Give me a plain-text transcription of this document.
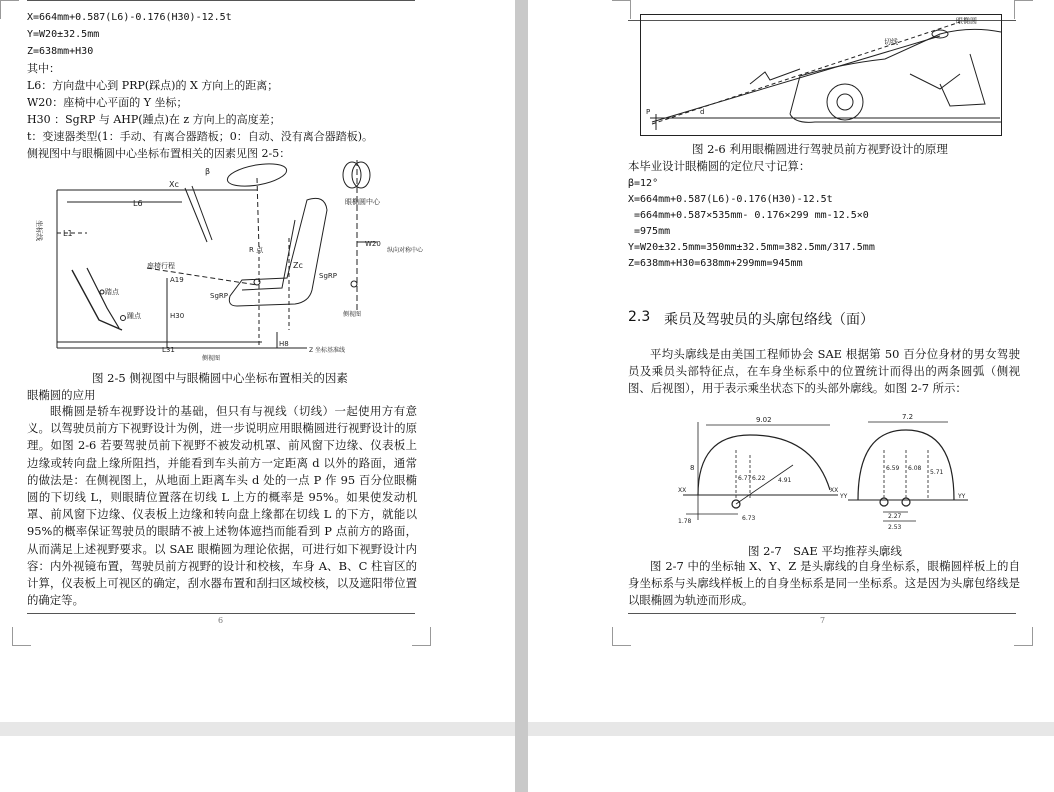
X=664mm+0.587(L6)-0.176(H30)-12.5t
Y=W20±32.5mm
Z=638mm+H30
其中：
L6：方向盘中心到 PRP(踩点)的 X 方向上的距离；
W20：座椅中心平面的 Y 坐标；
H30 ：SgRP 与 AHP(踵点)在 z 方向上的高度差；
t：变速器类型(1：手动、有离合器踏板；0：自动、没有离合器踏板)。
侧视图中与眼椭圆中心坐标布置相关的因素见图 2-5：
β
Xc
L6
L1
坐标线
眼椭圆中心
R 点
Zc
W20
座椅行程
A19
SgRP
SgRP
踏点
踵点	H30
L31
H8
Z 坐标基准线
侧视图
侧视图
纵向对称中心
图 2-5 侧视图中与眼椭圆中心坐标布置相关的因素
眼椭圆的应用
眼椭圆是轿车视野设计的基础，但只有与视线（切线）一起使用方有意义。以驾驶员前方下视野设计为例，进一步说明应用眼椭圆进行视野设计的原理。如图 2-6 若要驾驶员前下视野不被发动机罩、前风窗下边缘、仪表板上边缘或转向盘上缘所阻挡，并能看到车头前方一定距离 d 以外的路面，通常的做法是：在侧视图上，从地面上距离车头 d 处的一点 P 作 95 百分位眼椭圆的下切线 L，则眼睛位置落在切线 L 上方的概率是 95%。如果使发动机罩、前风窗下边缘、仪表板上边缘和转向盘上缘都在切线 L 的下方，就能以 95%的概率保证驾驶员的眼睛不被上述物体遮挡而能看到 P 点前方的路面，从而满足上述视野要求。以 SAE 眼椭圆为理论依据，可进行如下视野设计内容：内外视镜布置，驾驶员前方视野的设计和校核，车身 A、B、C 柱盲区的计算，仪表板上可视区的确定，刮水器布置和刮扫区域校核，以及遮阳带位置的确定等。
6
眼椭圆
切线
P	d
图 2-6 利用眼椭圆进行驾驶员前方视野设计的原理
本毕业设计眼椭圆的定位尺寸记算：
β=12°
X=664mm+0.587(L6)-0.176(H30)-12.5t
=664mm+0.587×535mm- 0.176×299 mm-12.5×0
=975mm
Y=W20±32.5mm=350mm±32.5mm=382.5mm/317.5mm
Z=638mm+H30=638mm+299mm=945mm
2.3 乘员及驾驶员的头廓包络线（面）
平均头廓线是由美国工程师协会 SAE 根据第 50 百分位身材的男女驾驶员及乘员头部特征点，在车身坐标系中的位置统计而得出的两条圆弧（侧视图、后视图），用于表示乘坐状态下的头部外廓线。如图 2-7 所示：
9.02	7.2
8
6.77 6.22 4.91
6.59 6.08
5.71
XX	XX
YY	YY
1.78	6.73	2.27
2.53
图 2-7　SAE 平均推荐头廓线
图 2-7 中的坐标轴 X、Y、Z 是头廓线的自身坐标系，眼椭圆样板上的自身坐标系与头廓线样板上的自身坐标系是同一坐标系。这是因为头廓包络线是以眼椭圆为轨迹而形成。
7
